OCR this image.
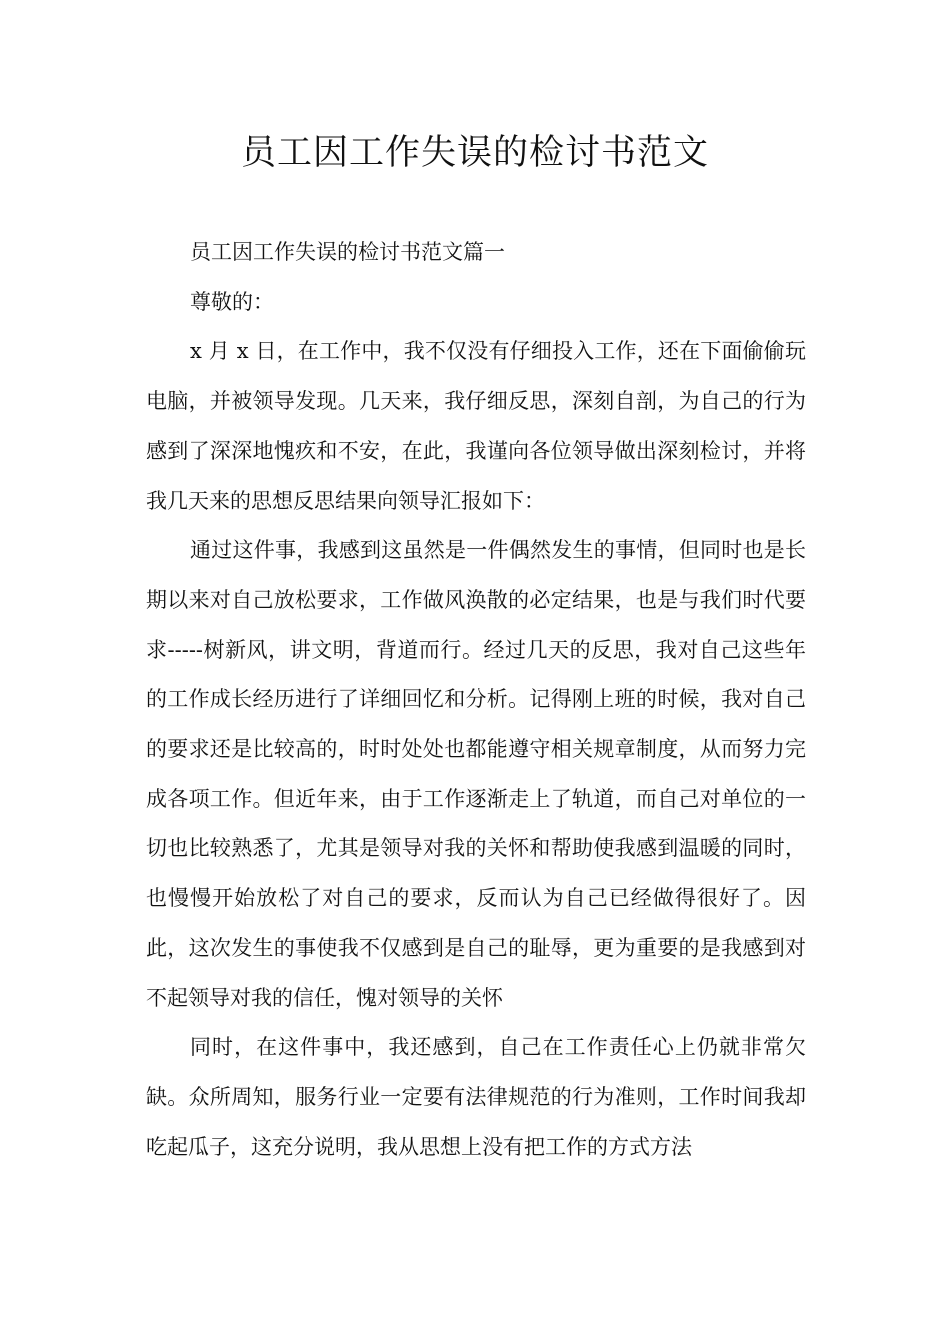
员工因工作失误的检讨书范文

员工因工作失误的检讨书范文篇一

尊敬的：

x 月 x 日，在工作中，我不仅没有仔细投入工作，还在下面偷偷玩电脑，并被领导发现。几天来，我仔细反思，深刻自剖，为自己的行为感到了深深地愧疚和不安，在此，我谨向各位领导做出深刻检讨，并将我几天来的思想反思结果向领导汇报如下：

通过这件事，我感到这虽然是一件偶然发生的事情，但同时也是长期以来对自己放松要求，工作做风涣散的必定结果，也是与我们时代要求-----树新风，讲文明，背道而行。经过几天的反思，我对自己这些年的工作成长经历进行了详细回忆和分析。记得刚上班的时候，我对自己的要求还是比较高的，时时处处也都能遵守相关规章制度，从而努力完成各项工作。但近年来，由于工作逐渐走上了轨道，而自己对单位的一切也比较熟悉了，尤其是领导对我的关怀和帮助使我感到温暖的同时，也慢慢开始放松了对自己的要求，反而认为自己已经做得很好了。因此，这次发生的事使我不仅感到是自己的耻辱，更为重要的是我感到对不起领导对我的信任，愧对领导的关怀

同时，在这件事中，我还感到，自己在工作责任心上仍就非常欠缺。众所周知，服务行业一定要有法律规范的行为准则，工作时间我却吃起瓜子，这充分说明，我从思想上没有把工作的方式方法
